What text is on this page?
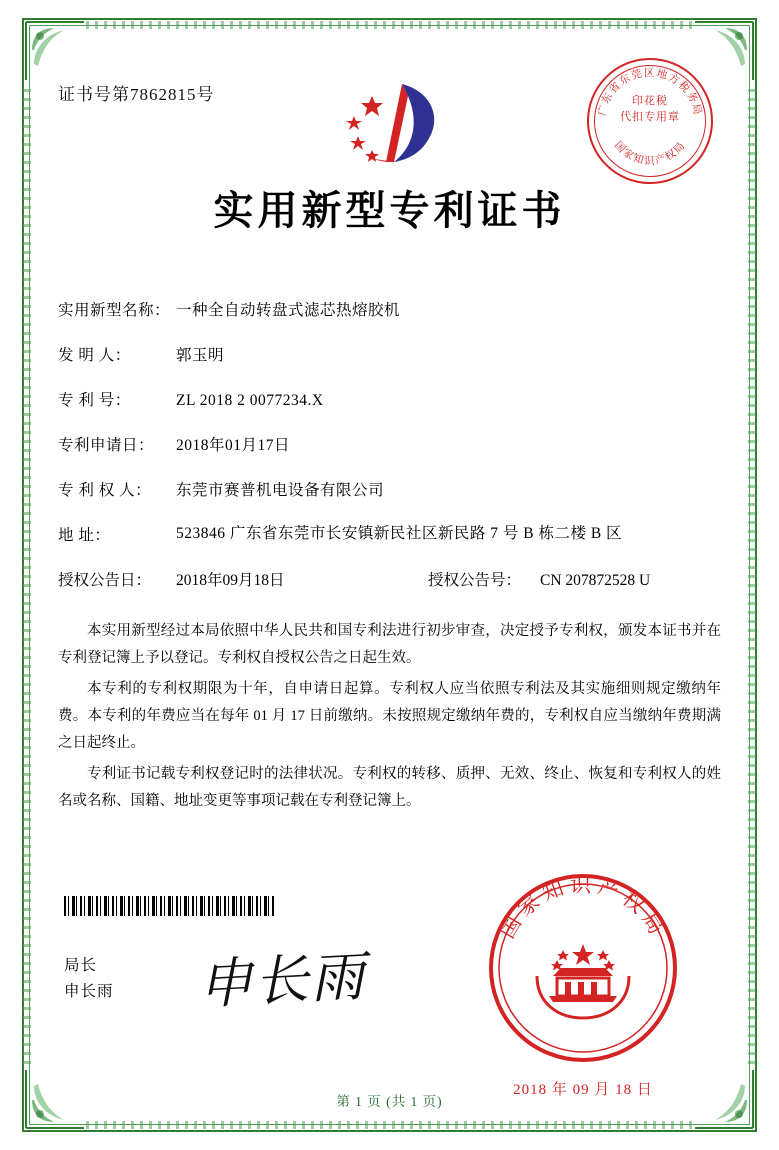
证书号第7862815号
广东省东莞区地方税务局
国家知识产权局
印花税
代扣专用章
实用新型专利证书
实用新型名称： 一种全自动转盘式滤芯热熔胶机
发 明 人：	郭玉明
专 利 号：	ZL 2018 2 0077234.X
专利申请日：	2018年01月17日
专 利 权 人：	东莞市赛普机电设备有限公司
地 址：	523846 广东省东莞市长安镇新民社区新民路 7 号 B 栋二楼 B 区
授权公告日：	2018年09月18日	授权公告号：	CN 207872528 U

本实用新型经过本局依照中华人民共和国专利法进行初步审查，决定授予专利权，颁发本证书并在专利登记簿上予以登记。专利权自授权公告之日起生效。

本专利的专利权期限为十年，自申请日起算。专利权人应当依照专利法及其实施细则规定缴纳年费。本专利的年费应当在每年 01 月 17 日前缴纳。未按照规定缴纳年费的，专利权自应当缴纳年费期满之日起终止。

专利证书记载专利权登记时的法律状况。专利权的转移、质押、无效、终止、恢复和专利权人的姓名或名称、国籍、地址变更等事项记载在专利登记簿上。

局长
申长雨 申长雨
国家知识产权局
2018 年 09 月 18 日
第 1 页 (共 1 页)
